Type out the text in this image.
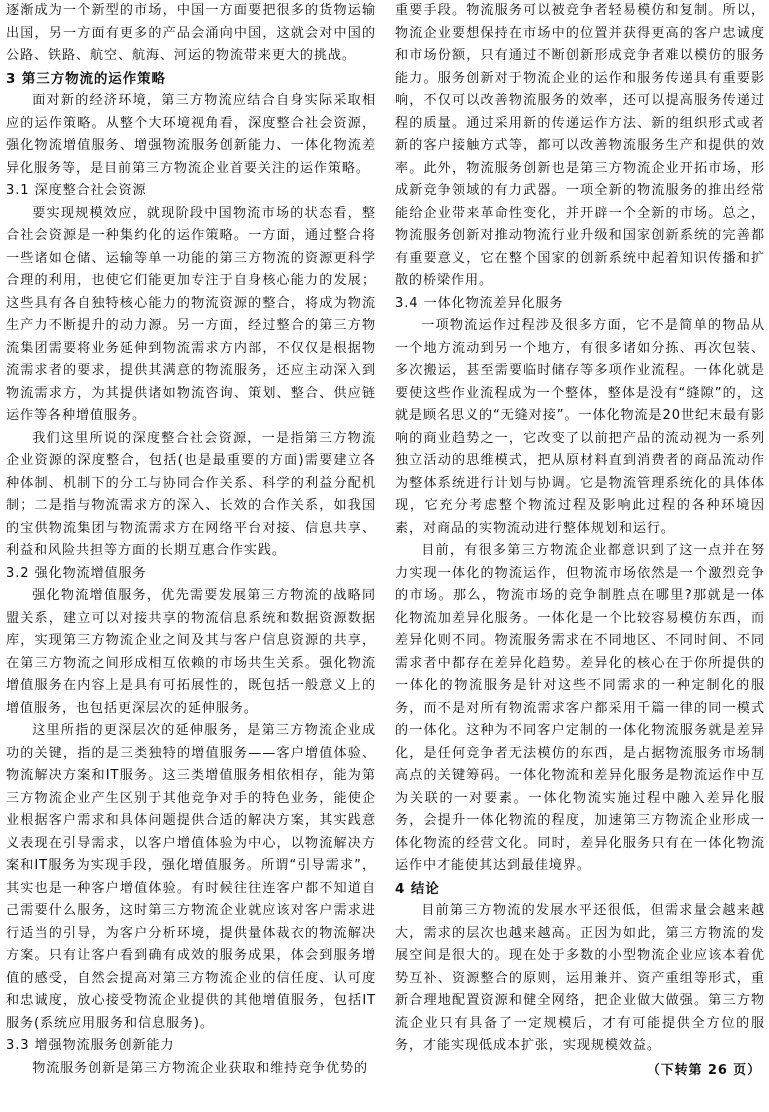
逐渐成为一个新型的市场，中国一方面要把很多的货物运输出国，另一方面有更多的产品会涌向中国，这就会对中国的公路、铁路、航空、航海、河运的物流带来更大的挑战。

3 第三方物流的运作策略

面对新的经济环境，第三方物流应结合自身实际采取相应的运作策略。从整个大环境视角看，深度整合社会资源，强化物流增值服务、增强物流服务创新能力、一体化物流差异化服务等，是目前第三方物流企业首要关注的运作策略。

3.1 深度整合社会资源

要实现规模效应，就现阶段中国物流市场的状态看，整合社会资源是一种集约化的运作策略。一方面，通过整合将一些诸如仓储、运输等单一功能的第三方物流的资源更科学合理的利用，也使它们能更加专注于自身核心能力的发展；这些具有各自独特核心能力的物流资源的整合，将成为物流生产力不断提升的动力源。另一方面，经过整合的第三方物流集团需要将业务延伸到物流需求方内部，不仅仅是根据物流需求者的要求，提供其满意的物流服务，还应主动深入到物流需求方，为其提供诸如物流咨询、策划、整合、供应链运作等各种增值服务。

我们这里所说的深度整合社会资源，一是指第三方物流企业资源的深度整合，包括(也是最重要的方面)需要建立各种体制、机制下的分工与协同合作关系、科学的利益分配机制；二是指与物流需求方的深入、长效的合作关系，如我国的宝供物流集团与物流需求方在网络平台对接、信息共享、利益和风险共担等方面的长期互惠合作实践。

3.2 强化物流增值服务

强化物流增值服务，优先需要发展第三方物流的战略同盟关系，建立可以对接共享的物流信息系统和数据资源数据库，实现第三方物流企业之间及其与客户信息资源的共享，在第三方物流之间形成相互依赖的市场共生关系。强化物流增值服务在内容上是具有可拓展性的，既包括一般意义上的增值服务，也包括更深层次的延伸服务。

这里所指的更深层次的延伸服务，是第三方物流企业成功的关键，指的是三类独特的增值服务——客户增值体验、物流解决方案和IT服务。这三类增值服务相依相存，能为第三方物流企业产生区别于其他竞争对手的特色业务，能使企业根据客户需求和具体问题提供合适的解决方案，其实践意义表现在引导需求，以客户增值体验为中心，以物流解决方案和IT服务为实现手段，强化增值服务。所谓“引导需求”，其实也是一种客户增值体验。有时候往往连客户都不知道自己需要什么服务，这时第三方物流企业就应该对客户需求进行适当的引导，为客户分析环境，提供量体裁衣的物流解决方案。只有让客户看到确有成效的服务成果，体会到服务增值的感受，自然会提高对第三方物流企业的信任度、认可度和忠诚度，放心接受物流企业提供的其他增值服务，包括IT服务(系统应用服务和信息服务)。

3.3 增强物流服务创新能力

物流服务创新是第三方物流企业获取和维持竞争优势的

重要手段。物流服务可以被竞争者轻易模仿和复制。所以，物流企业要想保持在市场中的位置并获得更高的客户忠诚度和市场份额，只有通过不断创新形成竞争者难以模仿的服务能力。服务创新对于物流企业的运作和服务传递具有重要影响，不仅可以改善物流服务的效率，还可以提高服务传递过程的质量。通过采用新的传递运作方法、新的组织形式或者新的客户接触方式等，都可以改善物流服务生产和提供的效率。此外，物流服务创新也是第三方物流企业开拓市场，形成新竞争领域的有力武器。一项全新的物流服务的推出经常能给企业带来革命性变化，并开辟一个全新的市场。总之，物流服务创新对推动物流行业升级和国家创新系统的完善都有重要意义，它在整个国家的创新系统中起着知识传播和扩散的桥梁作用。

3.4 一体化物流差异化服务

一项物流运作过程涉及很多方面，它不是简单的物品从一个地方流动到另一个地方，有很多诸如分拣、再次包装、多次搬运，甚至需要临时储存等多项作业流程。一体化就是要使这些作业流程成为一个整体，整体是没有“缝隙”的，这就是顾名思义的“无缝对接”。一体化物流是20世纪末最有影响的商业趋势之一，它改变了以前把产品的流动视为一系列独立活动的思维模式，把从原材料直到消费者的商品流动作为整体系统进行计划与协调。它是物流管理系统化的具体体现，它充分考虑整个物流过程及影响此过程的各种环境因素，对商品的实物流动进行整体规划和运行。

目前，有很多第三方物流企业都意识到了这一点并在努力实现一体化的物流运作，但物流市场依然是一个激烈竞争的市场。那么，物流市场的竞争制胜点在哪里?那就是一体化物流加差异化服务。一体化是一个比较容易模仿东西，而差异化则不同。物流服务需求在不同地区、不同时间、不同需求者中都存在差异化趋势。差异化的核心在于你所提供的一体化的物流服务是针对这些不同需求的一种定制化的服务，而不是对所有物流需求客户都采用千篇一律的同一模式的一体化。这种为不同客户定制的一体化物流服务就是差异化，是任何竞争者无法模仿的东西，是占据物流服务市场制高点的关键筹码。一体化物流和差异化服务是物流运作中互为关联的一对要素。一体化物流实施过程中融入差异化服务，会提升一体化物流的程度，加速第三方物流企业形成一体化物流的经营文化。同时，差异化服务只有在一体化物流运作中才能使其达到最佳境界。

4 结论

目前第三方物流的发展水平还很低，但需求量会越来越大，需求的层次也越来越高。正因为如此，第三方物流的发展空间是很大的。现在处于多数的小型物流企业应该本着优势互补、资源整合的原则，运用兼并、资产重组等形式，重新合理地配置资源和健全网络，把企业做大做强。第三方物流企业只有具备了一定规模后，才有可能提供全方位的服务，才能实现低成本扩张，实现规模效益。

（下转第 26 页）
